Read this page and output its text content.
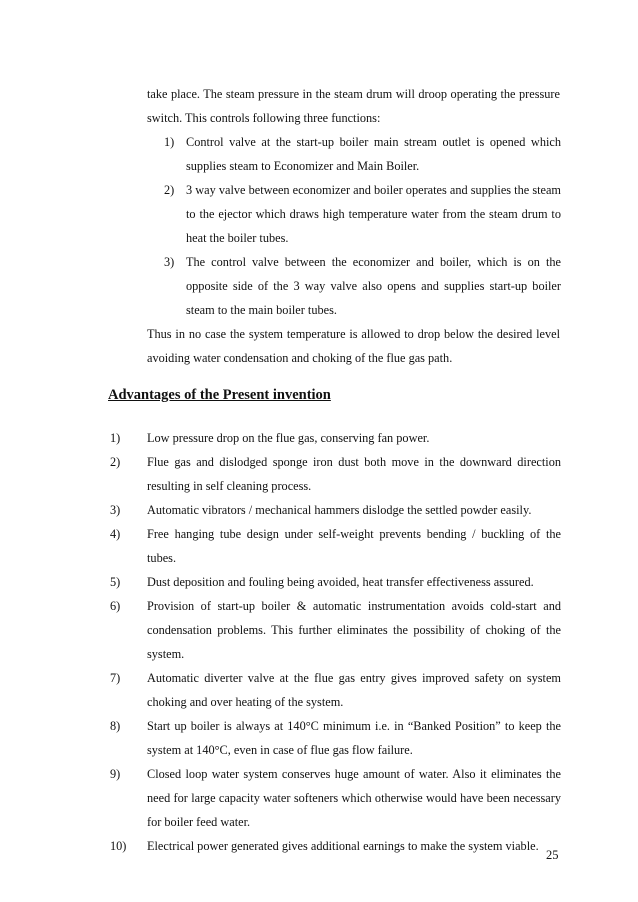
take place. The steam pressure in the steam drum will droop operating the pressure switch. This controls following three functions:

1) Control valve at the start-up boiler main stream outlet is opened which supplies steam to Economizer and Main Boiler.
2) 3 way valve between economizer and boiler operates and supplies the steam to the ejector which draws high temperature water from the steam drum to heat the boiler tubes.
3) The control valve between the economizer and boiler, which is on the opposite side of the 3 way valve also opens and supplies start-up boiler steam to the main boiler tubes.

Thus in no case the system temperature is allowed to drop below the desired level avoiding water condensation and choking of the flue gas path.

Advantages of the Present invention
1) Low pressure drop on the flue gas, conserving fan power.
2) Flue gas and dislodged sponge iron dust both move in the downward direction resulting in self cleaning process.
3) Automatic vibrators / mechanical hammers dislodge the settled powder easily.
4) Free hanging tube design under self-weight prevents bending / buckling of the tubes.
5) Dust deposition and fouling being avoided, heat transfer effectiveness assured.
6) Provision of start-up boiler & automatic instrumentation avoids cold-start and condensation problems. This further eliminates the possibility of choking of the system.
7) Automatic diverter valve at the flue gas entry gives improved safety on system choking and over heating of the system.
8) Start up boiler is always at 140°C minimum i.e. in “Banked Position” to keep the system at 140°C, even in case of flue gas flow failure.
9) Closed loop water system conserves huge amount of water. Also it eliminates the need for large capacity water softeners which otherwise would have been necessary for boiler feed water.
10) Electrical power generated gives additional earnings to make the system viable.
25
